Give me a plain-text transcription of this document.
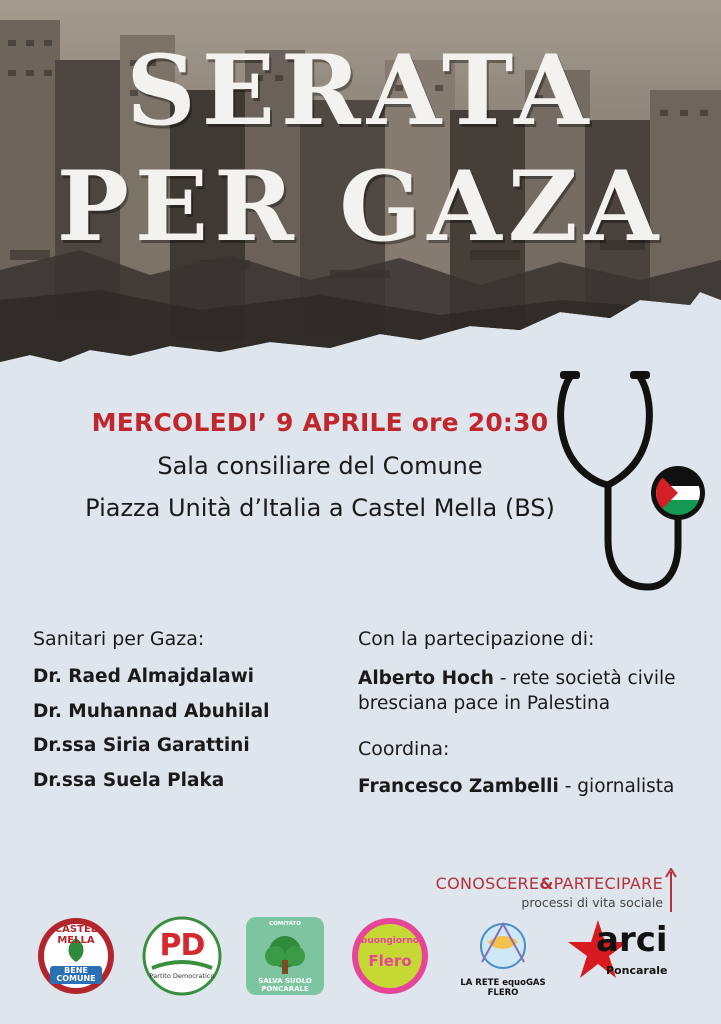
SERATA
PER GAZA
MERCOLEDI’ 9 APRILE ore 20:30
Sala consiliare del Comune
Piazza Unità d’Italia a Castel Mella (BS)
Sanitari per Gaza:
Dr. Raed Almajdalawi
Dr. Muhannad Abuhilal
Dr.ssa Siria Garattini
Dr.ssa Suela Plaka
Con la partecipazione di:
Alberto Hoch - rete società civile bresciana pace in Palestina
Coordina:
Francesco Zambelli - giornalista
CONOSCERE&PARTECIPARE
processi di vita sociale
CASTEL
MELLA
BENE
COMUNE
PD
Partito Democratico
COMITATO
SALVA SUOLO
PONCARALE
buongiorno
Flero
LA RETE equoGAS
FLERO
arci
Poncarale
